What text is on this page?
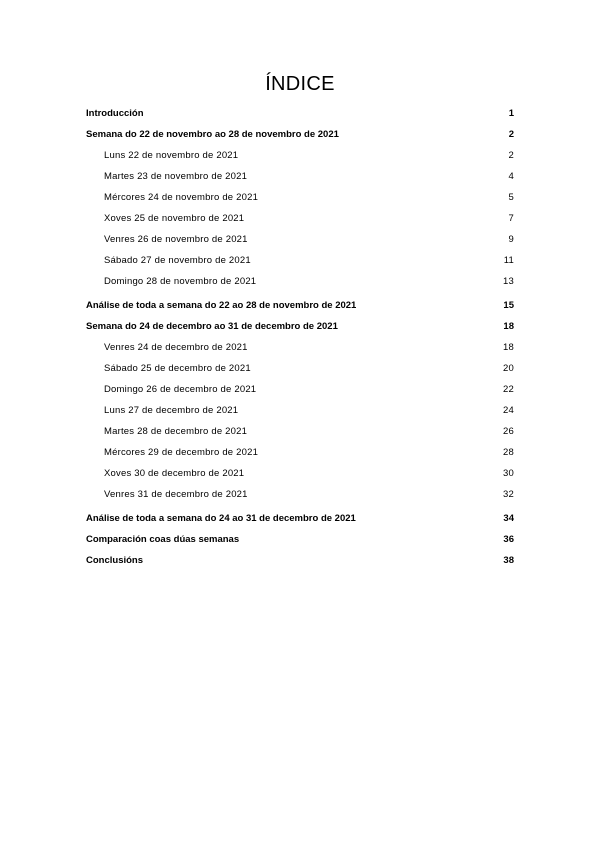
ÍNDICE
Introducción	1
Semana do 22 de novembro ao 28 de novembro de 2021	2
Luns 22 de novembro de 2021	2
Martes 23 de novembro de 2021	4
Mércores 24 de novembro de 2021	5
Xoves 25 de novembro de 2021	7
Venres 26 de novembro de 2021	9
Sábado 27 de novembro de 2021	11
Domingo 28 de novembro de 2021	13
Análise de toda a semana do 22 ao 28 de novembro de 2021	15
Semana do 24 de decembro ao 31 de decembro de 2021	18
Venres 24 de decembro de 2021	18
Sábado 25 de decembro de 2021	20
Domingo 26 de decembro de 2021	22
Luns 27 de decembro de 2021	24
Martes 28 de decembro de 2021	26
Mércores 29 de decembro de 2021	28
Xoves 30 de decembro de 2021	30
Venres 31 de decembro de 2021	32
Análise de toda a semana do 24 ao 31 de decembro de 2021	34
Comparación coas dúas semanas	36
Conclusións	38
